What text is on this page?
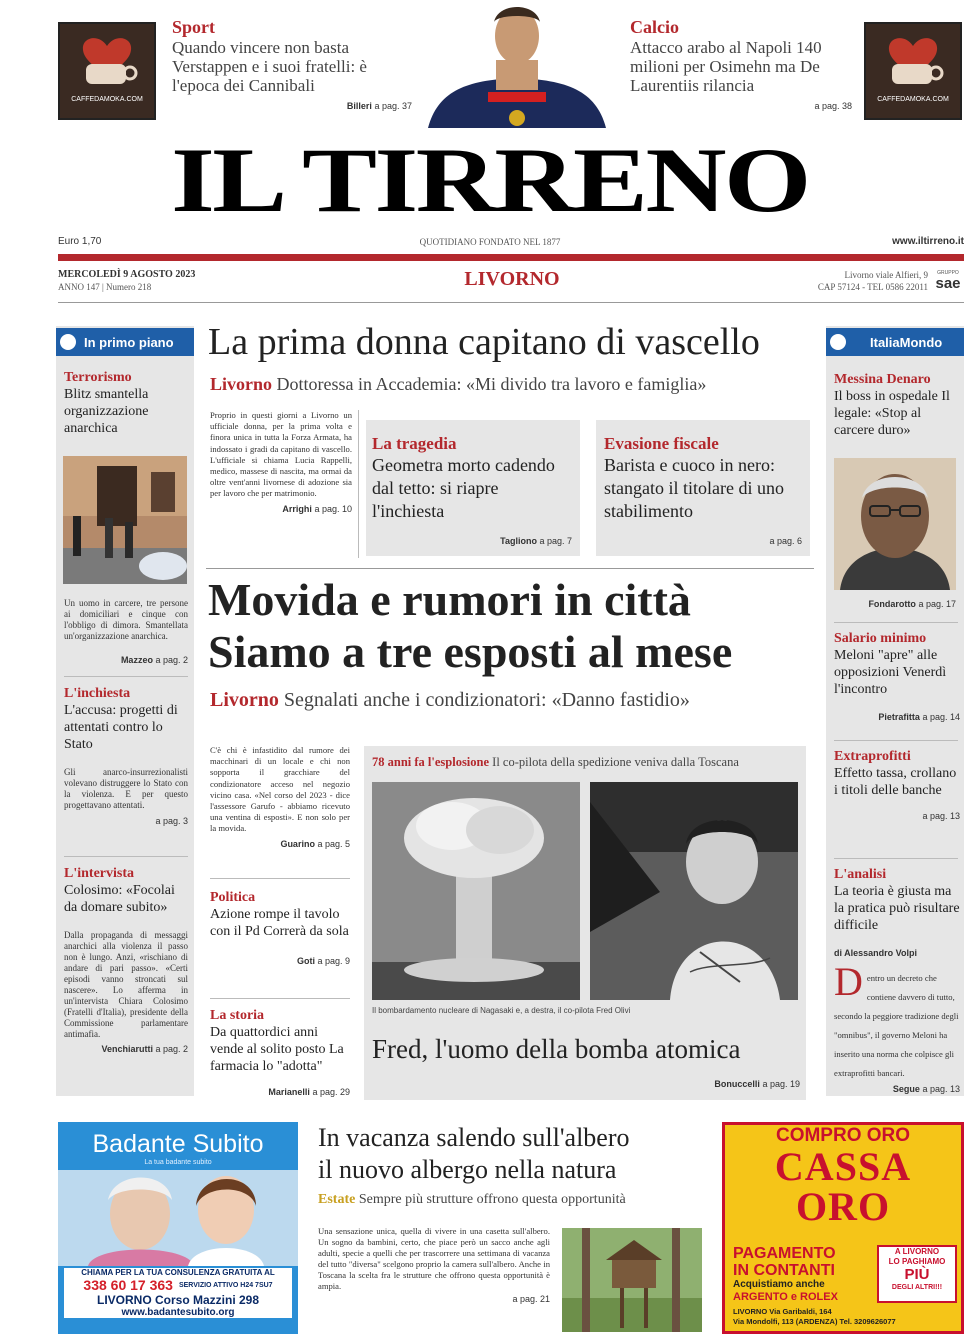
CAFFEDAMOKA.COM
Sport
Quando vincere non basta Verstappen e i suoi fratelli: è l'epoca dei Cannibali
Billeri a pag. 37
Calcio
Attacco arabo al Napoli 140 milioni per Osimehn ma De Laurentiis rilancia
a pag. 38
CAFFEDAMOKA.COM
IL TIRRENO
Euro 1,70	QUOTIDIANO FONDATO NEL 1877	www.iltirreno.it
MERCOLEDÌ 9 AGOSTO 2023
ANNO 147 | Numero 218	LIVORNO	Livorno viale Alfieri, 9
CAP 57124 - TEL 0586 22011
GRUPPO
sae
In primo piano
Terrorismo
Blitz smantella organizzazione anarchica
Un uomo in carcere, tre persone ai domiciliari e cinque con l'obbligo di dimora. Smantellata un'organizzazione anarchica.
Mazzeo a pag. 2
L'inchiesta
L'accusa: progetti di attentati contro lo Stato
Gli anarco-insurrezionalisti volevano distruggere lo Stato con la violenza. E per questo progettavano attentati.
a pag. 3
L'intervista
Colosimo: «Focolai da domare subito»
Dalla propaganda di messaggi anarchici alla violenza il passo non è lungo. Anzi, «rischiano di andare di pari passo». «Certi episodi vanno stroncati sul nascere». Lo afferma in un'intervista Chiara Colosimo (Fratelli d'Italia), presidente della Commissione parlamentare antimafia.
Venchiarutti a pag. 2
La prima donna capitano di vascello
Livorno Dottoressa in Accademia: «Mi divido tra lavoro e famiglia»
Proprio in questi giorni a Livorno un ufficiale donna, per la prima volta e finora unica in tutta la Forza Armata, ha indossato i gradi da capitano di vascello. L'ufficiale si chiama Lucia Rappelli, medico, massese di nascita, ma ormai da oltre vent'anni livornese di adozione sia per lavoro che per matrimonio.
Arrighi a pag. 10
La tragedia
Geometra morto cadendo dal tetto: si riapre l'inchiesta
Tagliono a pag. 7
Evasione fiscale
Barista e cuoco in nero: stangato il titolare di uno stabilimento
a pag. 6
Movida e rumori in città
Siamo a tre esposti al mese
Livorno Segnalati anche i condizionatori: «Danno fastidio»
C'è chi è infastidito dal rumore dei macchinari di un locale e chi non sopporta il gracchiare del condizionatore acceso nel negozio vicino casa. «Nel corso del 2023 - dice l'assessore Garufo - abbiamo ricevuto una ventina di esposti». E non solo per la movida.
Guarino a pag. 5
Politica
Azione rompe il tavolo con il Pd Correrà da sola
Goti a pag. 9
La storia
Da quattordici anni vende al solito posto La farmacia lo "adotta"
Marianelli a pag. 29
78 anni fa l'esplosione Il co-pilota della spedizione veniva dalla Toscana
Il bombardamento nucleare di Nagasaki e, a destra, il co-pilota Fred Olivi
Fred, l'uomo della bomba atomica
Bonuccelli a pag. 19
ItaliaMondo
Messina Denaro
Il boss in ospedale Il legale: «Stop al carcere duro»
Fondarotto a pag. 17
Salario minimo
Meloni "apre" alle opposizioni Venerdì l'incontro
Pietrafitta a pag. 14
Extraprofitti
Effetto tassa, crollano i titoli delle banche
a pag. 13
L'analisi
La teoria è giusta ma la pratica può risultare difficile
di Alessandro Volpi
D entro un decreto che contiene davvero di tutto, secondo la peggiore tradizione degli "omnibus", il governo Meloni ha inserito una norma che colpisce gli extraprofitti bancari.
Segue a pag. 13
Badante Subito
La tua badante subito
CHIAMA PER LA TUA CONSULENZA GRATUITA AL
338 60 17 363 SERVIZIO ATTIVO H24 7SU7
LIVORNO Corso Mazzini 298
www.badantesubito.org
In vacanza salendo sull'albero
il nuovo albergo nella natura
Estate Sempre più strutture offrono questa opportunità
Una sensazione unica, quella di vivere in una casetta sull'albero. Un sogno da bambini, certo, che piace però un sacco anche agli adulti, specie a quelli che per trascorrere una settimana di vacanza del tutto "diversa" scelgono proprio la camera sull'albero. Anche in Toscana la scelta fra le strutture che offrono questa opportunità è ampia.
a pag. 21
COMPRO ORO
CASSA
ORO
PAGAMENTO
IN CONTANTI
Acquistiamo anche
ARGENTO e ROLEX
A LIVORNO
LO PAGHIAMO
PIÙ
DEGLI ALTRI!!!
LIVORNO Via Garibaldi, 164
Via Mondolfi, 113 (ARDENZA) Tel. 3209626077
